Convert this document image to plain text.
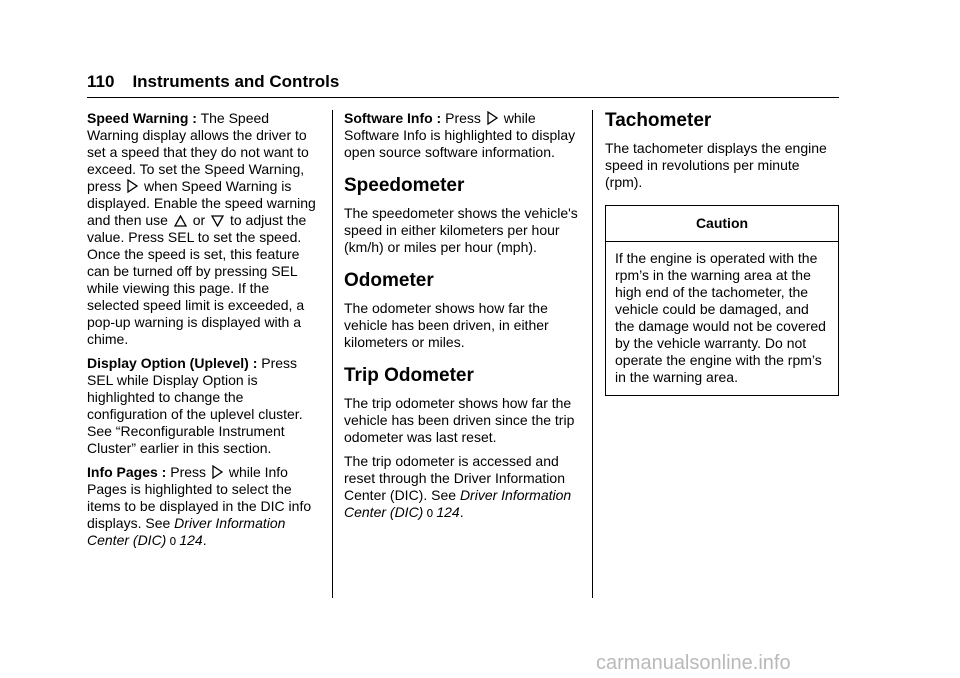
110 Instruments and Controls

Speed Warning : The Speed Warning display allows the driver to set a speed that they do not want to exceed. To set the Speed Warning, press when Speed Warning is displayed. Enable the speed warning and then use or to adjust the value. Press SEL to set the speed. Once the speed is set, this feature can be turned off by pressing SEL while viewing this page. If the selected speed limit is exceeded, a pop-up warning is displayed with a chime.

Display Option (Uplevel) : Press SEL while Display Option is highlighted to change the configuration of the uplevel cluster. See “Reconfigurable Instrument Cluster” earlier in this section.

Info Pages : Press while Info Pages is highlighted to select the items to be displayed in the DIC info displays. See Driver Information Center (DIC) 0 124.

Software Info : Press while Software Info is highlighted to display open source software information.

Speedometer

The speedometer shows the vehicle's speed in either kilometers per hour (km/h) or miles per hour (mph).

Odometer

The odometer shows how far the vehicle has been driven, in either kilometers or miles.

Trip Odometer

The trip odometer shows how far the vehicle has been driven since the trip odometer was last reset.

The trip odometer is accessed and reset through the Driver Information Center (DIC). See Driver Information Center (DIC) 0 124.

Tachometer

The tachometer displays the engine speed in revolutions per minute (rpm).

Caution
If the engine is operated with the rpm’s in the warning area at the high end of the tachometer, the vehicle could be damaged, and the damage would not be covered by the vehicle warranty. Do not operate the engine with the rpm’s in the warning area.
carmanualsonline.info
